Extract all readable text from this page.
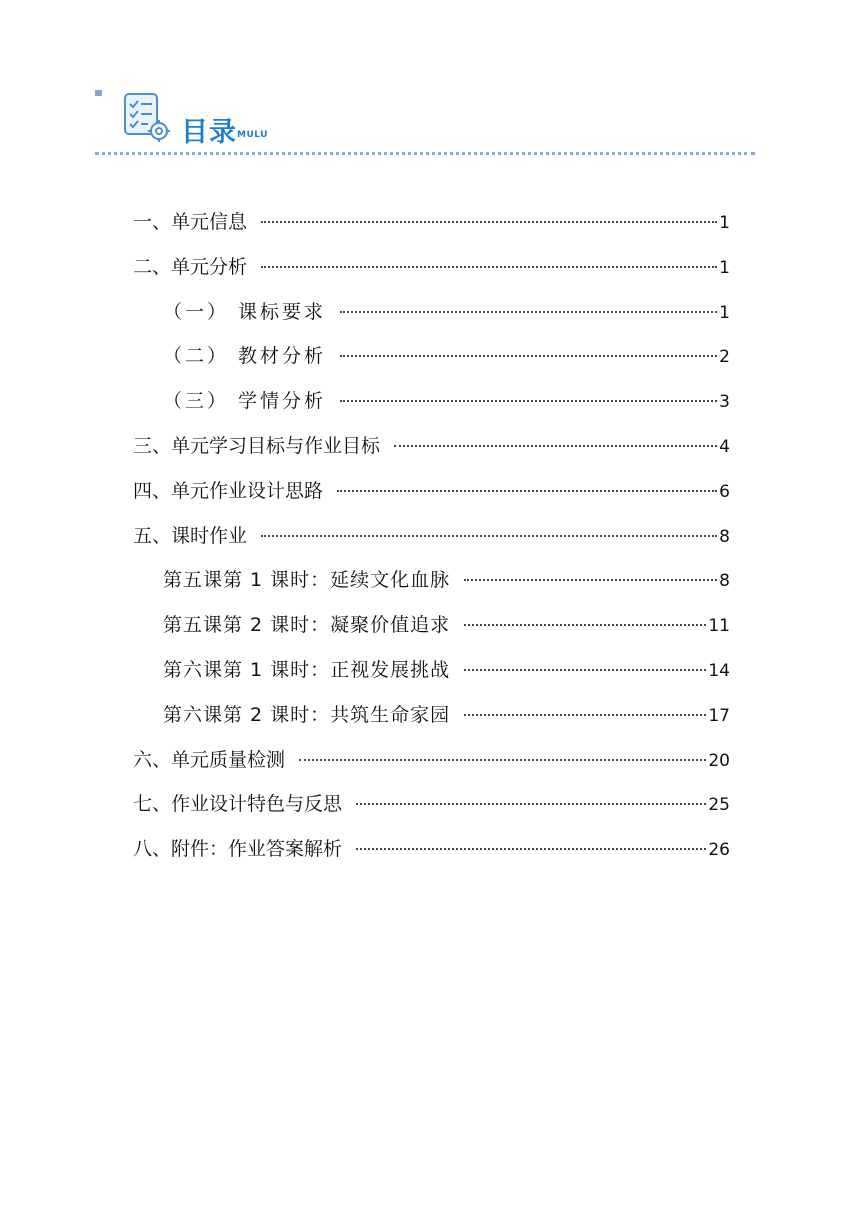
目录 MULU
一、单元信息	1
二、单元分析	1
（一） 课标要求	1
（二） 教材分析	2
（三） 学情分析	3
三、单元学习目标与作业目标	4
四、单元作业设计思路	6
五、课时作业	8
第五课第 1 课时：延续文化血脉	8
第五课第 2 课时：凝聚价值追求	11
第六课第 1 课时：正视发展挑战	14
第六课第 2 课时：共筑生命家园	17
六、单元质量检测	20
七、作业设计特色与反思	25
八、附件：作业答案解析	26
